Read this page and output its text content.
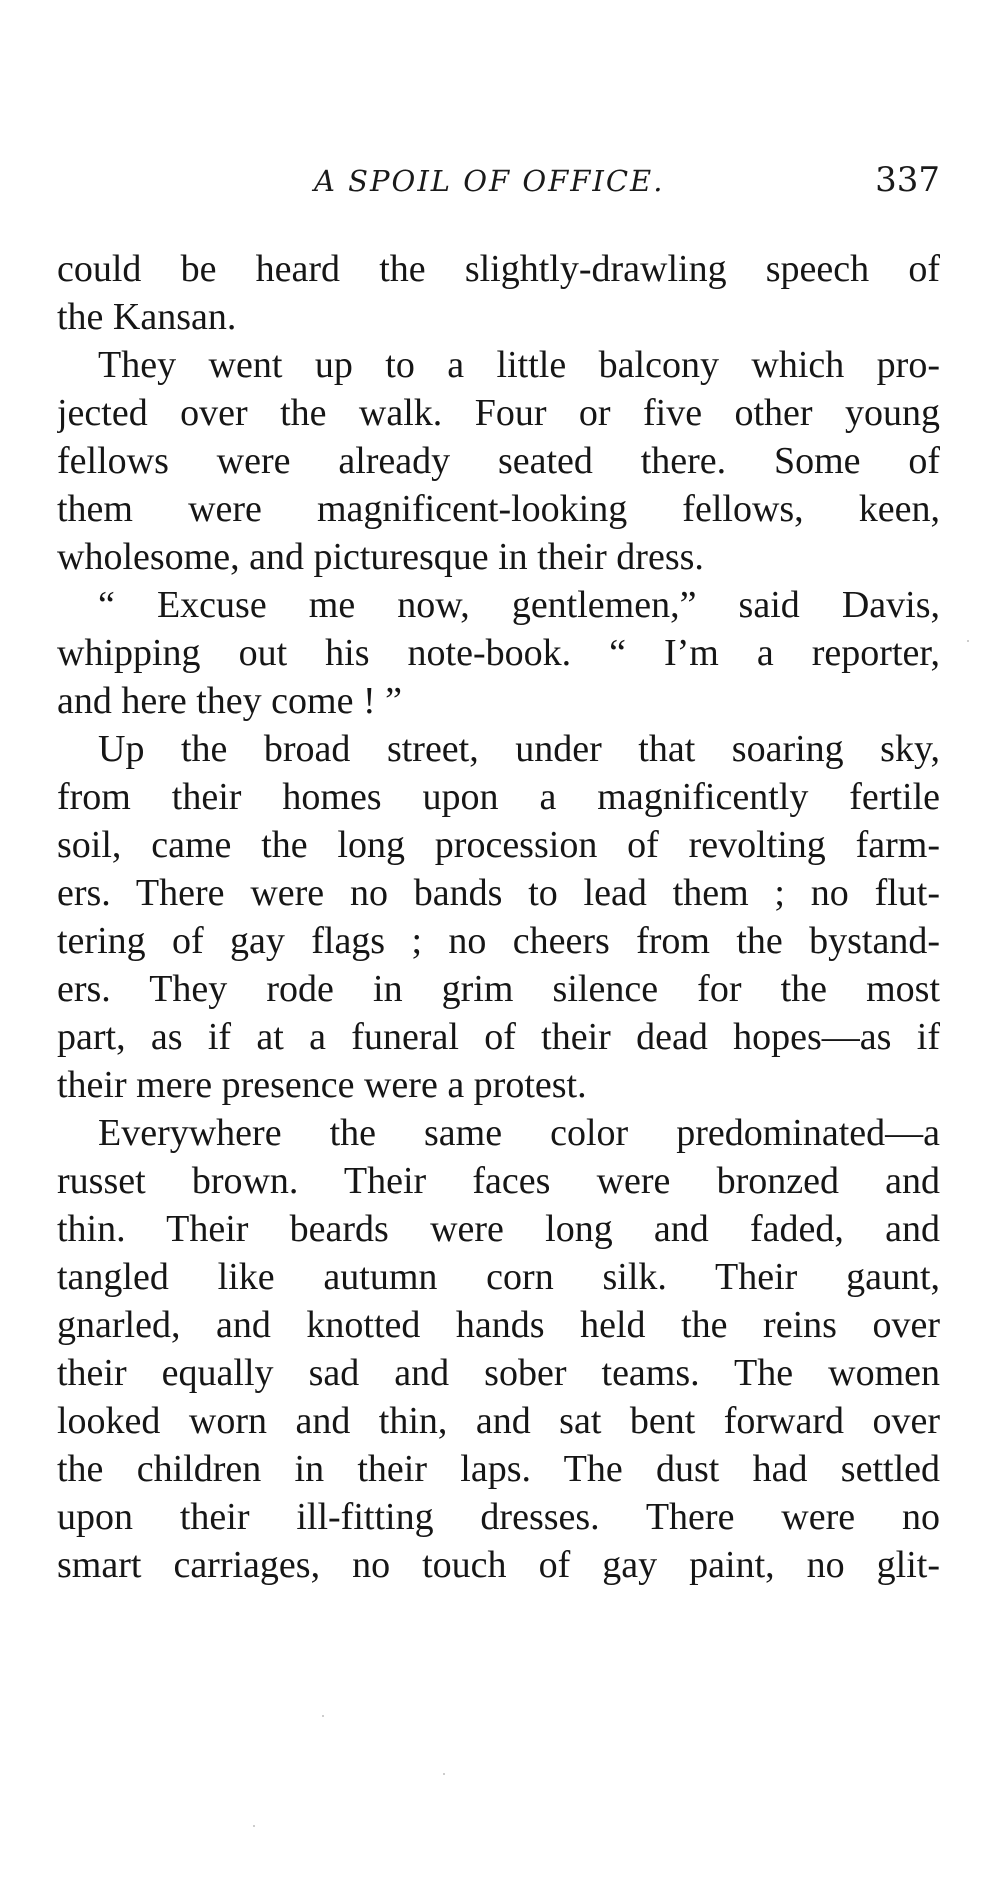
A SPOIL OF OFFICE.	337
could be heard the slightly-drawling speech of
the Kansan.
They went up to a little balcony which pro-
jected over the walk. Four or five other young
fellows were already seated there. Some of
them were magnificent-looking fellows, keen,
wholesome, and picturesque in their dress.
“ Excuse me now, gentlemen,” said Davis,
whipping out his note-book. “ I’m a reporter,
and here they come ! ”
Up the broad street, under that soaring sky,
from their homes upon a magnificently fertile
soil, came the long procession of revolting farm-
ers. There were no bands to lead them ; no flut-
tering of gay flags ; no cheers from the bystand-
ers. They rode in grim silence for the most
part, as if at a funeral of their dead hopes—as if
their mere presence were a protest.
Everywhere the same color predominated—a
russet brown. Their faces were bronzed and
thin. Their beards were long and faded, and
tangled like autumn corn silk. Their gaunt,
gnarled, and knotted hands held the reins over
their equally sad and sober teams. The women
looked worn and thin, and sat bent forward over
the children in their laps. The dust had settled
upon their ill-fitting dresses. There were no
smart carriages, no touch of gay paint, no glit-
